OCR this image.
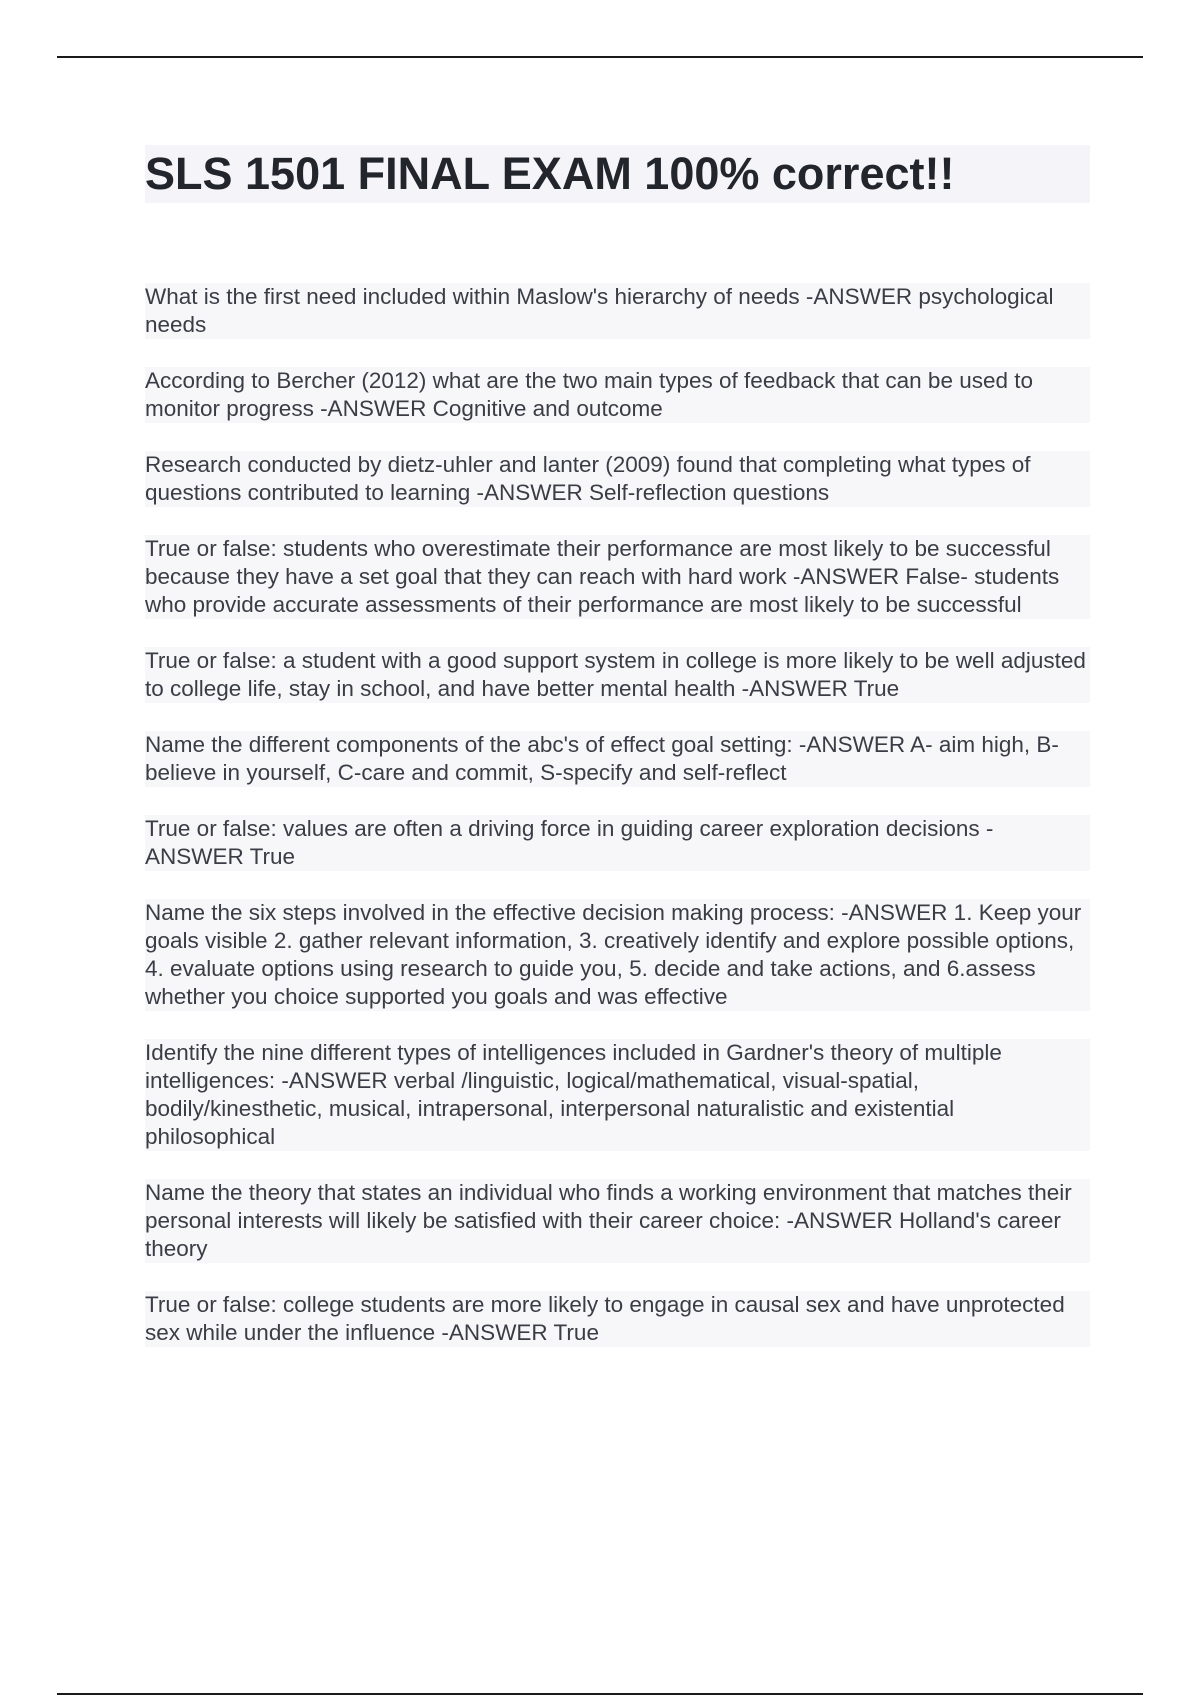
SLS 1501 FINAL EXAM 100% correct!!

What is the first need included within Maslow's hierarchy of needs -ANSWER psychological needs

According to Bercher (2012) what are the two main types of feedback that can be used to monitor progress -ANSWER Cognitive and outcome

Research conducted by dietz-uhler and lanter (2009) found that completing what types of questions contributed to learning -ANSWER Self-reflection questions

True or false: students who overestimate their performance are most likely to be successful because they have a set goal that they can reach with hard work -ANSWER False- students who provide accurate assessments of their performance are most likely to be successful

True or false: a student with a good support system in college is more likely to be well adjusted to college life, stay in school, and have better mental health -ANSWER True

Name the different components of the abc's of effect goal setting: -ANSWER A- aim high, B-believe in yourself, C-care and commit, S-specify and self-reflect

True or false: values are often a driving force in guiding career exploration decisions -ANSWER True

Name the six steps involved in the effective decision making process: -ANSWER 1. Keep your goals visible 2. gather relevant information, 3. creatively identify and explore possible options, 4. evaluate options using research to guide you, 5. decide and take actions, and 6.assess whether you choice supported you goals and was effective

Identify the nine different types of intelligences included in Gardner's theory of multiple intelligences: -ANSWER verbal /linguistic, logical/mathematical, visual-spatial, bodily/kinesthetic, musical, intrapersonal, interpersonal naturalistic and existential philosophical

Name the theory that states an individual who finds a working environment that matches their personal interests will likely be satisfied with their career choice: -ANSWER Holland's career theory

True or false: college students are more likely to engage in causal sex and have unprotected sex while under the influence -ANSWER True
